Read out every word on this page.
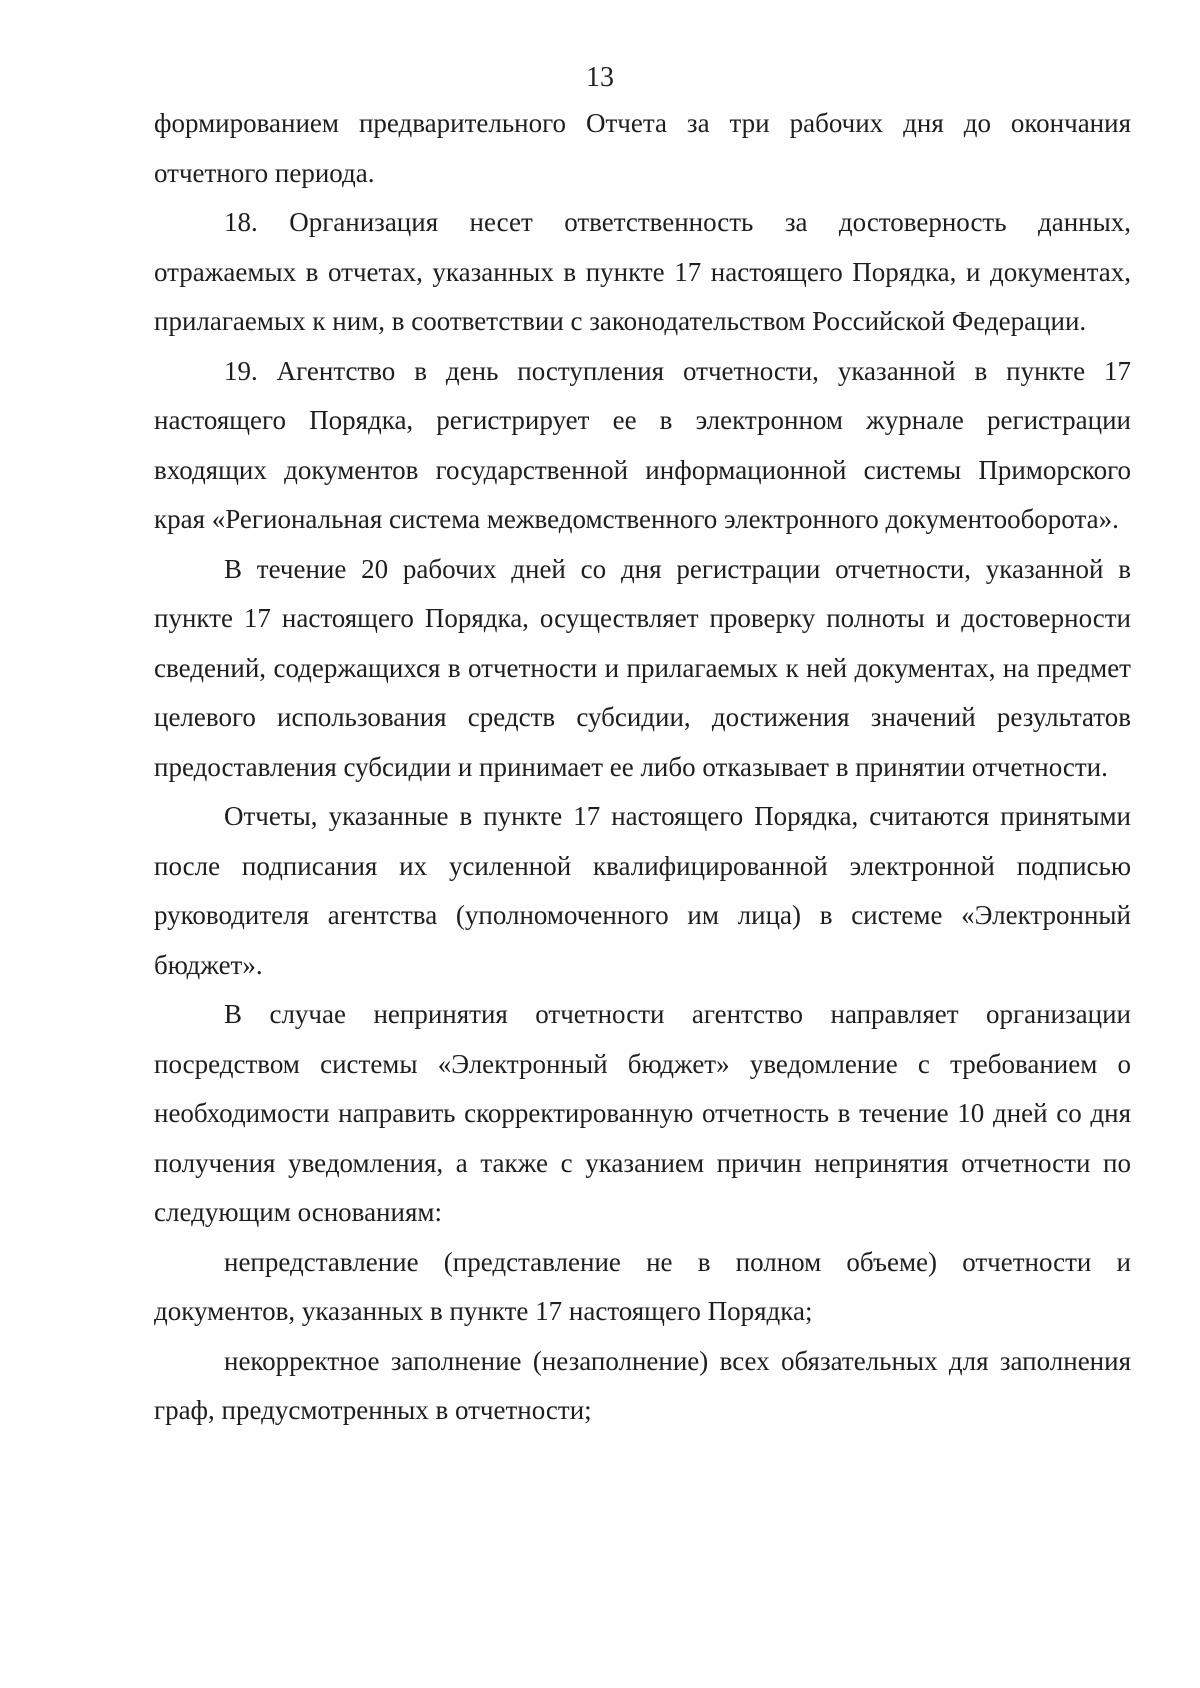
13

формированием предварительного Отчета за три рабочих дня до окончания отчетного периода.

18. Организация несет ответственность за достоверность данных, отражаемых в отчетах, указанных в пункте 17 настоящего Порядка, и документах, прилагаемых к ним, в соответствии с законодательством Российской Федерации.

19. Агентство в день поступления отчетности, указанной в пункте 17 настоящего Порядка, регистрирует ее в электронном журнале регистрации входящих документов государственной информационной системы Приморского края «Региональная система межведомственного электронного документооборота».

В течение 20 рабочих дней со дня регистрации отчетности, указанной в пункте 17 настоящего Порядка, осуществляет проверку полноты и достоверности сведений, содержащихся в отчетности и прилагаемых к ней документах, на предмет целевого использования средств субсидии, достижения значений результатов предоставления субсидии и принимает ее либо отказывает в принятии отчетности.

Отчеты, указанные в пункте 17 настоящего Порядка, считаются принятыми после подписания их усиленной квалифицированной электронной подписью руководителя агентства (уполномоченного им лица) в системе «Электронный бюджет».

В случае непринятия отчетности агентство направляет организации посредством системы «Электронный бюджет» уведомление с требованием о необходимости направить скорректированную отчетность в течение 10 дней со дня получения уведомления, а также с указанием причин непринятия отчетности по следующим основаниям:

непредставление (представление не в полном объеме) отчетности и документов, указанных в пункте 17 настоящего Порядка;

некорректное заполнение (незаполнение) всех обязательных для заполнения граф, предусмотренных в отчетности;
